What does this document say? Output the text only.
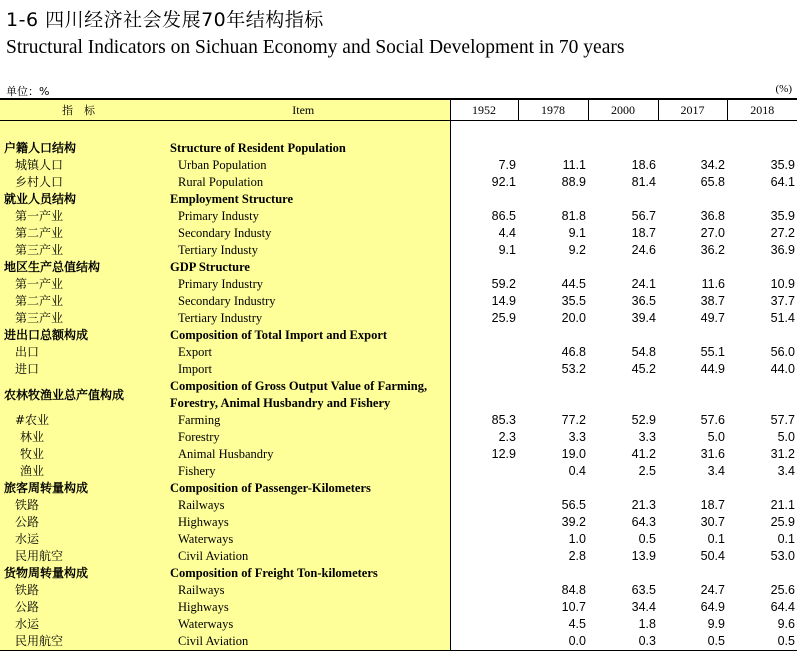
1-6 四川经济社会发展70年结构指标
Structural Indicators on Sichuan Economy and Social Development in 70 years
单位：%	(%)
指　标	Item	1952	1978	2000	2017	2018

户籍人口结构	Structure of Resident Population					
城镇人口	Urban Population	7.9	11.1	18.6	34.2	35.9
乡村人口	Rural Population	92.1	88.9	81.4	65.8	64.1
就业人员结构	Employment Structure					
第一产业	Primary Industy	86.5	81.8	56.7	36.8	35.9
第二产业	Secondary Industy	4.4	9.1	18.7	27.0	27.2
第三产业	Tertiary Industy	9.1	9.2	24.6	36.2	36.9
地区生产总值结构	GDP Structure					
第一产业	Primary Industry	59.2	44.5	24.1	11.6	10.9
第二产业	Secondary Industry	14.9	35.5	36.5	38.7	37.7
第三产业	Tertiary Industry	25.9	20.0	39.4	49.7	51.4
进出口总额构成	Composition of Total Import and Export					
出口	Export		46.8	54.8	55.1	56.0
进口	Import		53.2	45.2	44.9	44.0
农林牧渔业总产值构成	Composition of Gross Output Value of Farming,
Forestry, Animal Husbandry and Fishery					

#农业	Farming	85.3	77.2	52.9	57.6	57.7
林业	Forestry	2.3	3.3	3.3	5.0	5.0
牧业	Animal Husbandry	12.9	19.0	41.2	31.6	31.2
渔业	Fishery		0.4	2.5	3.4	3.4
旅客周转量构成	Composition of Passenger-Kilometers					
铁路	Railways		56.5	21.3	18.7	21.1
公路	Highways		39.2	64.3	30.7	25.9
水运	Waterways		1.0	0.5	0.1	0.1
民用航空	Civil Aviation		2.8	13.9	50.4	53.0
货物周转量构成	Composition of Freight Ton-kilometers					
铁路	Railways		84.8	63.5	24.7	25.6
公路	Highways		10.7	34.4	64.9	64.4
水运	Waterways		4.5	1.8	9.9	9.6
民用航空	Civil Aviation		0.0	0.3	0.5	0.5
